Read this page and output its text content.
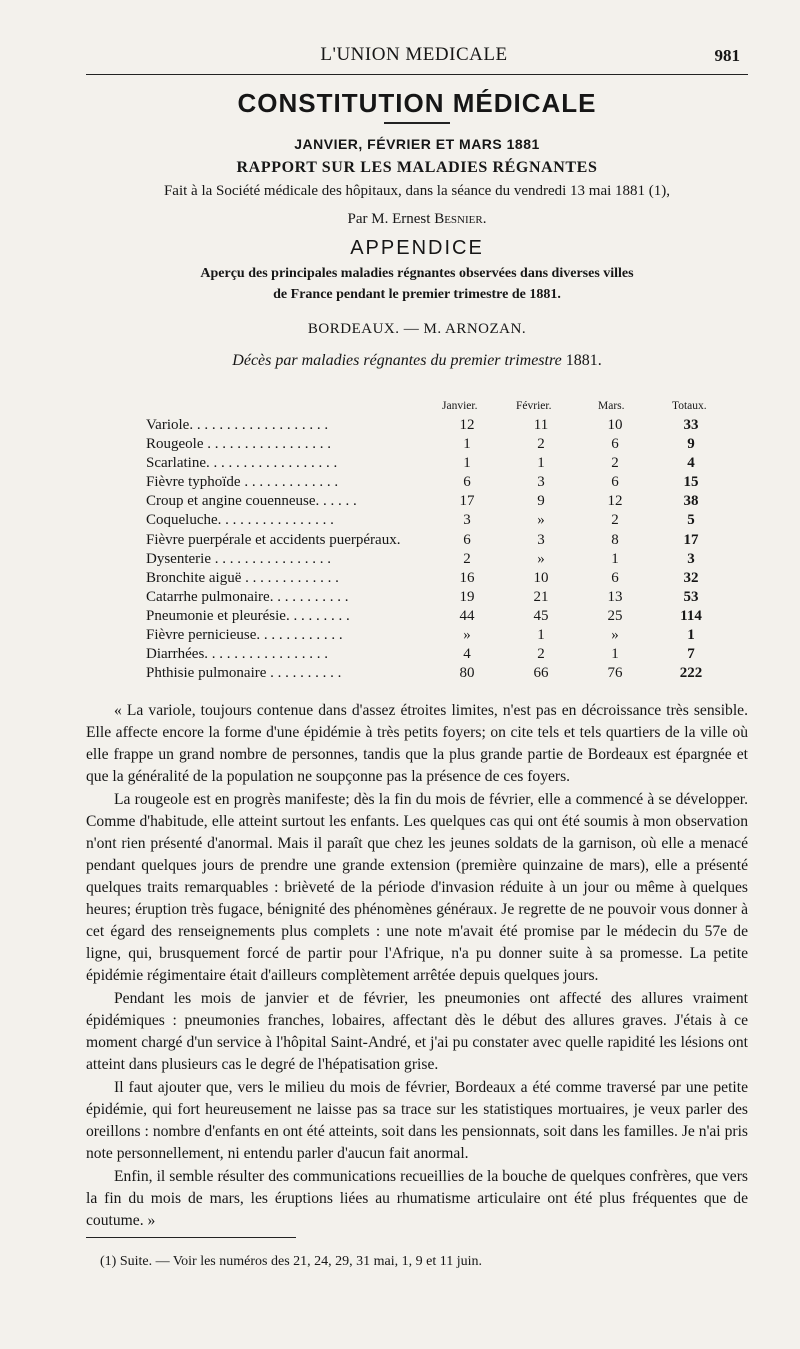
L'UNION MEDICALE	981
CONSTITUTION MÉDICALE
JANVIER, FÉVRIER ET MARS 1881
RAPPORT SUR LES MALADIES RÉGNANTES
Fait à la Société médicale des hôpitaux, dans la séance du vendredi 13 mai 1881 (1),
Par M. Ernest Besnier.
APPENDICE
Aperçu des principales maladies régnantes observées dans diverses villes
de France pendant le premier trimestre de 1881.
BORDEAUX. — M. ARNOZAN.
Décès par maladies régnantes du premier trimestre 1881.
Janvier.	Février.	Mars.	Totaux.
Variole. . . . . . . . . . . . . . . . . . .	12	11	10	33
Rougeole . . . . . . . . . . . . . . . . .	1	2	6	9
Scarlatine. . . . . . . . . . . . . . . . . .	1	1	2	4
Fièvre typhoïde . . . . . . . . . . . . .	6	3	6	15
Croup et angine couenneuse. . . . . .	17	9	12	38
Coqueluche. . . . . . . . . . . . . . . .	3	»	2	5
Fièvre puerpérale et accidents puerpéraux.	6	3	8	17
Dysenterie . . . . . . . . . . . . . . . .	2	»	1	3
Bronchite aiguë . . . . . . . . . . . . .	16	10	6	32
Catarrhe pulmonaire. . . . . . . . . . .	19	21	13	53
Pneumonie et pleurésie. . . . . . . . .	44	45	25	114
Fièvre pernicieuse. . . . . . . . . . . .	»	1	»	1
Diarrhées. . . . . . . . . . . . . . . . .	4	2	1	7
Phthisie pulmonaire . . . . . . . . . .	80	66	76	222

« La variole, toujours contenue dans d'assez étroites limites, n'est pas en décroissance très sensible. Elle affecte encore la forme d'une épidémie à très petits foyers; on cite tels et tels quartiers de la ville où elle frappe un grand nombre de personnes, tandis que la plus grande partie de Bordeaux est épargnée et que la généralité de la population ne soupçonne pas la présence de ces foyers.

La rougeole est en progrès manifeste; dès la fin du mois de février, elle a commencé à se développer. Comme d'habitude, elle atteint surtout les enfants. Les quelques cas qui ont été soumis à mon observation n'ont rien présenté d'anormal. Mais il paraît que chez les jeunes soldats de la garnison, où elle a menacé pendant quelques jours de prendre une grande extension (première quinzaine de mars), elle a présenté quelques traits remarquables : brièveté de la période d'invasion réduite à un jour ou même à quelques heures; éruption très fugace, bénignité des phénomènes généraux. Je regrette de ne pouvoir vous donner à cet égard des renseignements plus complets : une note m'avait été promise par le médecin du 57e de ligne, qui, brusquement forcé de partir pour l'Afrique, n'a pu donner suite à sa promesse. La petite épidémie régimentaire était d'ailleurs complètement arrêtée depuis quelques jours.

Pendant les mois de janvier et de février, les pneumonies ont affecté des allures vraiment épidémiques : pneumonies franches, lobaires, affectant dès le début des allures graves. J'étais à ce moment chargé d'un service à l'hôpital Saint-André, et j'ai pu constater avec quelle rapidité les lésions ont atteint dans plusieurs cas le degré de l'hépatisation grise.

Il faut ajouter que, vers le milieu du mois de février, Bordeaux a été comme traversé par une petite épidémie, qui fort heureusement ne laisse pas sa trace sur les statistiques mortuaires, je veux parler des oreillons : nombre d'enfants en ont été atteints, soit dans les pensionnats, soit dans les familles. Je n'ai pris note personnellement, ni entendu parler d'aucun fait anormal.

Enfin, il semble résulter des communications recueillies de la bouche de quelques confrères, que vers la fin du mois de mars, les éruptions liées au rhumatisme articulaire ont été plus fréquentes que de coutume. »

(1) Suite. — Voir les numéros des 21, 24, 29, 31 mai, 1, 9 et 11 juin.
